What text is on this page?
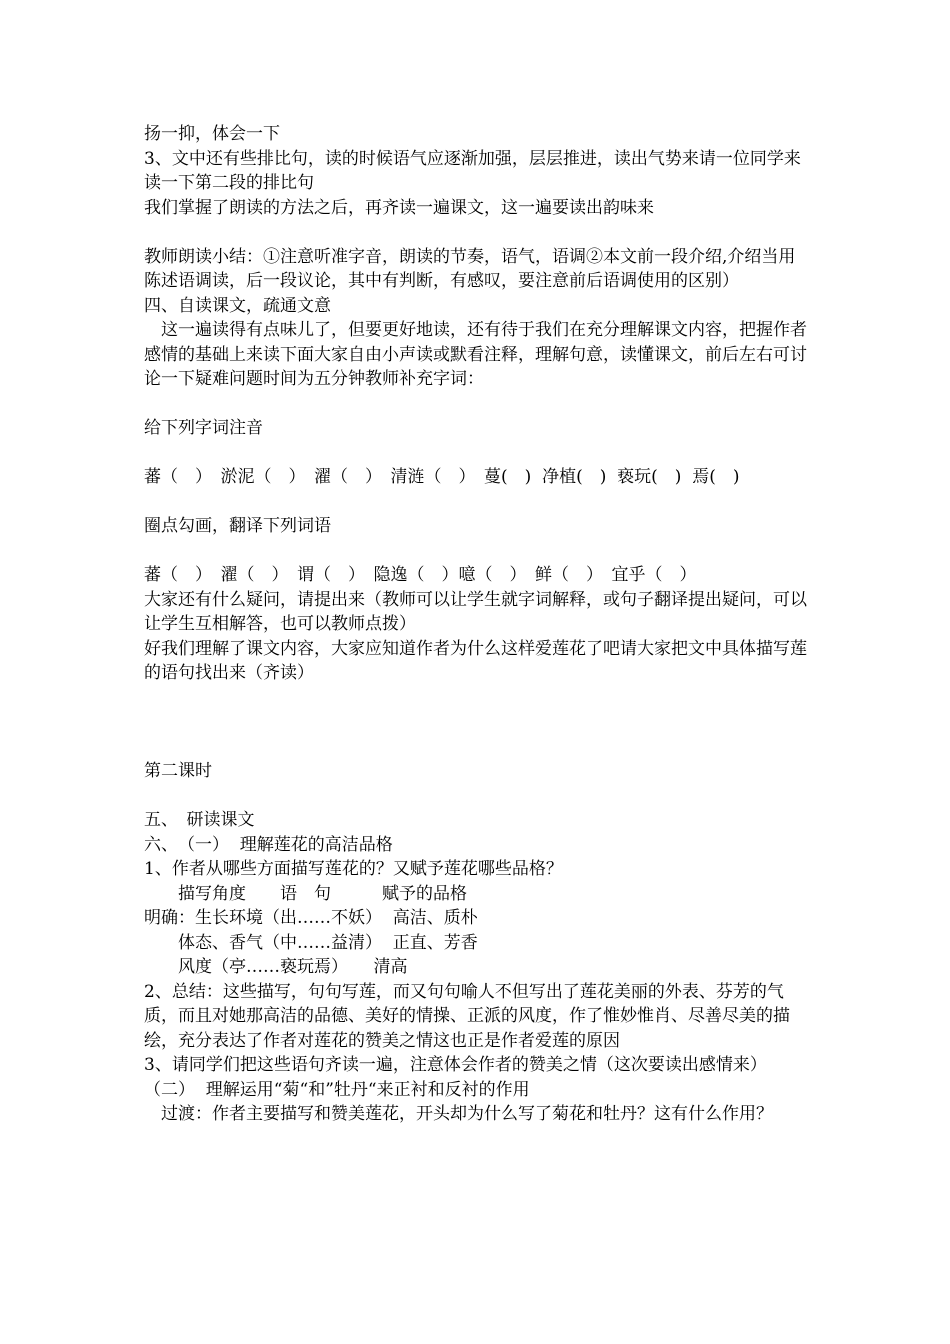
扬一抑，体会一下

3、文中还有些排比句，读的时候语气应逐渐加强，层层推进，读出气势来请一位同学来读一下第二段的排比句

我们掌握了朗读的方法之后，再齐读一遍课文，这一遍要读出韵味来

教师朗读小结：①注意听准字音，朗读的节奏，语气，语调②本文前一段介绍,介绍当用陈述语调读，后一段议论，其中有判断，有感叹，要注意前后语调使用的区别）

四、自读课文，疏通文意

　这一遍读得有点味儿了，但要更好地读，还有待于我们在充分理解课文内容，把握作者感情的基础上来读下面大家自由小声读或默看注释，理解句意，读懂课文，前后左右可讨论一下疑难问题时间为五分钟教师补充字词：

给下列字词注音

蕃（　）　淤泥（　）　濯（　）　清涟（　）　蔓(　)  净植(　)  亵玩(　)  焉(　)

圈点勾画，翻译下列词语

蕃（　）　濯（　）　谓（　）　隐逸（　）噫（　）　鲜（　）　宜乎（　）

大家还有什么疑问，请提出来（教师可以让学生就字词解释，或句子翻译提出疑问，可以让学生互相解答，也可以教师点拨）

好我们理解了课文内容，大家应知道作者为什么这样爱莲花了吧请大家把文中具体描写莲的语句找出来（齐读）

第二课时

五、　研读课文

六、　（一）  理解莲花的高洁品格

1、作者从哪些方面描写莲花的？又赋予莲花哪些品格？

　　描写角度　　语　句　　　赋予的品格

明确：生长环境（出……不妖）  高洁、质朴

　　体态、香气（中……益清）  正直、芳香

　　风度（亭……亵玩焉）　　清高

2、总结：这些描写，句句写莲，而又句句喻人不但写出了莲花美丽的外表、芬芳的气质，而且对她那高洁的品德、美好的情操、正派的风度，作了惟妙惟肖、尽善尽美的描绘，充分表达了作者对莲花的赞美之情这也正是作者爱莲的原因

3、请同学们把这些语句齐读一遍，注意体会作者的赞美之情（这次要读出感情来）

（二）  理解运用“菊“和”牡丹“来正衬和反衬的作用

　过渡：作者主要描写和赞美莲花，开头却为什么写了菊花和牡丹？这有什么作用？
